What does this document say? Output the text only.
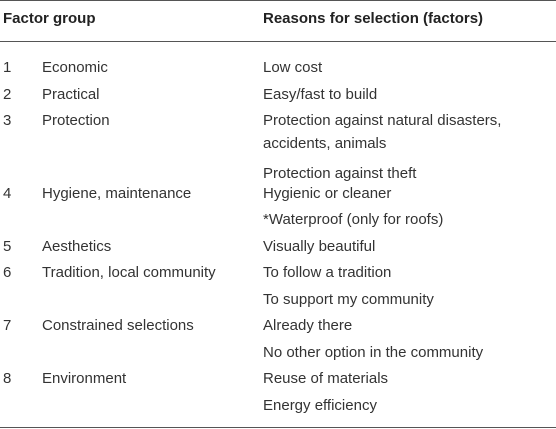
Factor group	Reasons for selection (factors)
1 Economic	Low cost
2 Practical	Easy/fast to build
3 Protection	Protection against natural disasters,
accidents, animals
Protection against theft
4 Hygiene, maintenance	Hygienic or cleaner
*Waterproof (only for roofs)
5 Aesthetics	Visually beautiful
6 Tradition, local community	To follow a tradition
To support my community
7 Constrained selections	Already there
No other option in the community
8 Environment	Reuse of materials
Energy efficiency
